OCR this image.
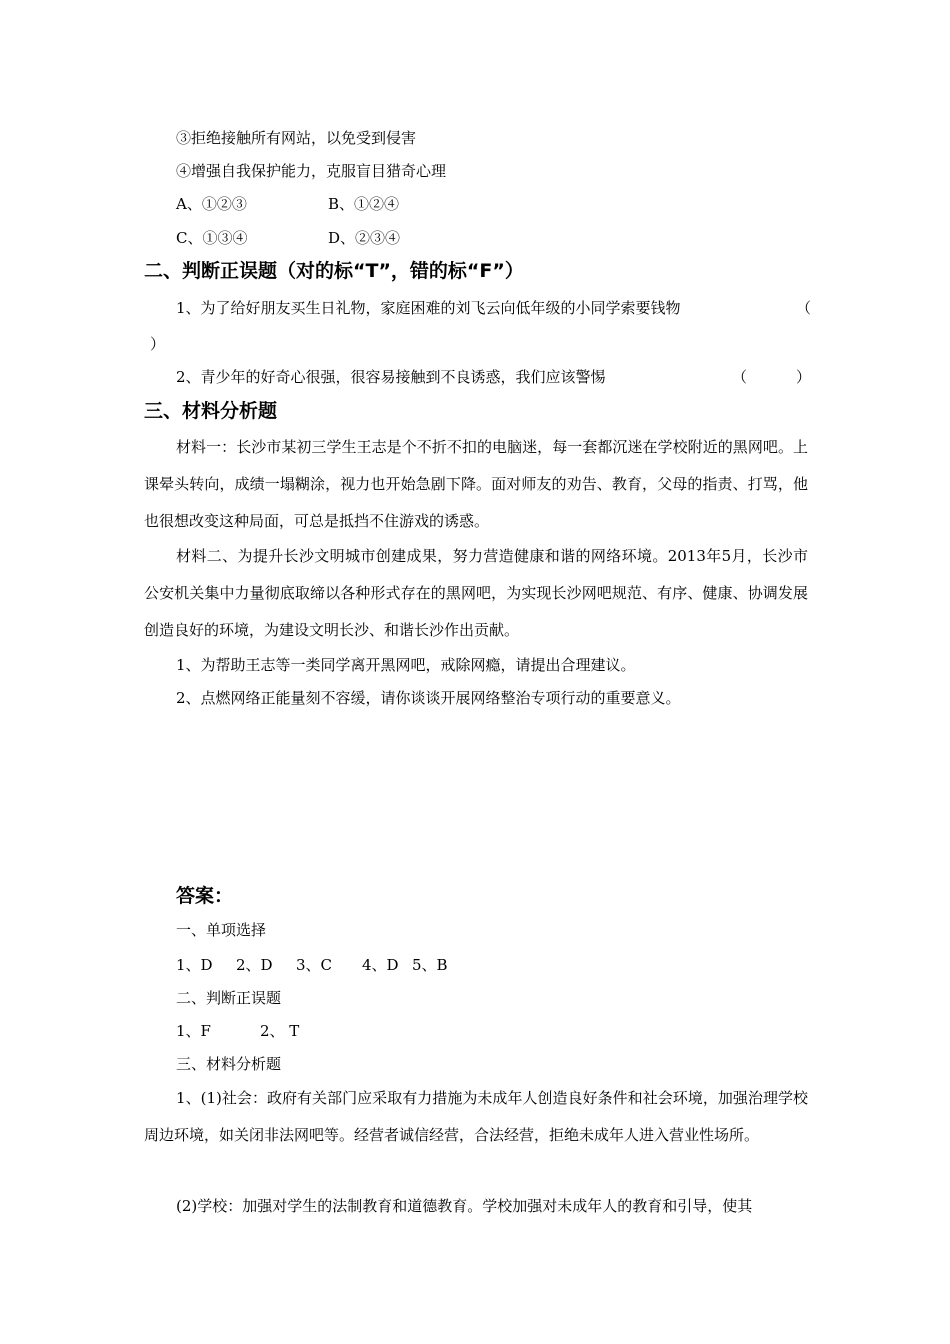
③拒绝接触所有网站，以免受到侵害
④增强自我保护能力，克服盲目猎奇心理
A、①②③	B、①②④
C、①③④	D、②③④
二、判断正误题（对的标“T”，错的标“F”）
1、为了给好朋友买生日礼物，家庭困难的刘飞云向低年级的小同学索要钱物	（
）
2、青少年的好奇心很强，很容易接触到不良诱惑，我们应该警惕	（	）
三、材料分析题
材料一：长沙市某初三学生王志是个不折不扣的电脑迷，每一套都沉迷在学校附近的黑网吧。上课晕头转向，成绩一塌糊涂，视力也开始急剧下降。面对师友的劝告、教育，父母的指责、打骂，他也很想改变这种局面，可总是抵挡不住游戏的诱惑。
材料二、为提升长沙文明城市创建成果，努力营造健康和谐的网络环境。2013年5月，长沙市公安机关集中力量彻底取缔以各种形式存在的黑网吧，为实现长沙网吧规范、有序、健康、协调发展创造良好的环境，为建设文明长沙、和谐长沙作出贡献。
1、为帮助王志等一类同学离开黑网吧，戒除网瘾，请提出合理建议。
2、点燃网络正能量刻不容缓，请你谈谈开展网络整治专项行动的重要意义。
答案：
一、单项选择
1、D 2、D 3、C 4、D 5、B
二、判断正误题
1、F	2、 T
三、材料分析题
1、(1)社会：政府有关部门应采取有力措施为未成年人创造良好条件和社会环境，加强治理学校周边环境，如关闭非法网吧等。经营者诚信经营，合法经营，拒绝未成年人进入营业性场所。
(2)学校：加强对学生的法制教育和道德教育。学校加强对未成年人的教育和引导，使其
